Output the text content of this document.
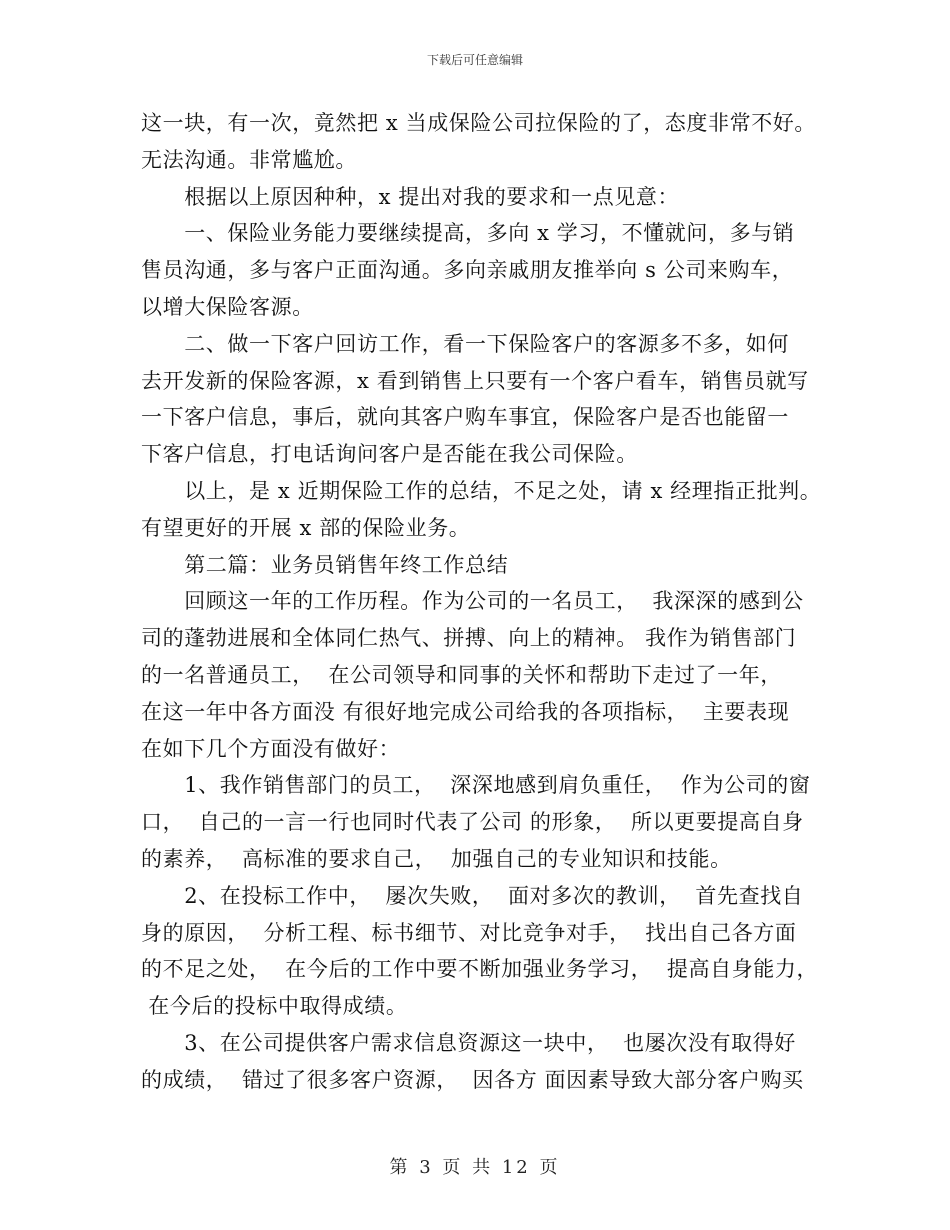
下载后可任意编辑
这一块，有一次，竟然把 x 当成保险公司拉保险的了，态度非常不好。
无法沟通。非常尴尬。
　　根据以上原因种种，x 提出对我的要求和一点见意：
　　一、保险业务能力要继续提高，多向 x 学习，不懂就问，多与销
售员沟通，多与客户正面沟通。多向亲戚朋友推举向 s 公司来购车，
以增大保险客源。
　　二、做一下客户回访工作，看一下保险客户的客源多不多，如何
去开发新的保险客源，x 看到销售上只要有一个客户看车，销售员就写
一下客户信息，事后，就向其客户购车事宜，保险客户是否也能留一
下客户信息，打电话询问客户是否能在我公司保险。
　　以上，是 x 近期保险工作的总结，不足之处，请 x 经理指正批判。
有望更好的开展 x 部的保险业务。
　　第二篇：业务员销售年终工作总结
　　回顾这一年的工作历程。作为公司的一名员工，  我深深的感到公
司的蓬勃进展和全体同仁热气、拼搏、向上的精神。 我作为销售部门
的一名普通员工，  在公司领导和同事的关怀和帮助下走过了一年，
在这一年中各方面没 有很好地完成公司给我的各项指标，  主要表现
在如下几个方面没有做好：
　　1、我作销售部门的员工，  深深地感到肩负重任，  作为公司的窗
口，  自己的一言一行也同时代表了公司 的形象，  所以更要提高自身
的素养，  高标准的要求自己，  加强自己的专业知识和技能。
　　2、在投标工作中，  屡次失败，  面对多次的教训，  首先查找自
身的原因，  分析工程、标书细节、对比竞争对手，  找出自己各方面
的不足之处，  在今后的工作中要不断加强业务学习，  提高自身能力，
在今后的投标中取得成绩。
　　3、在公司提供客户需求信息资源这一块中，  也屡次没有取得好
的成绩，  错过了很多客户资源，  因各方 面因素导致大部分客户购买
第 3 页 共 12 页
